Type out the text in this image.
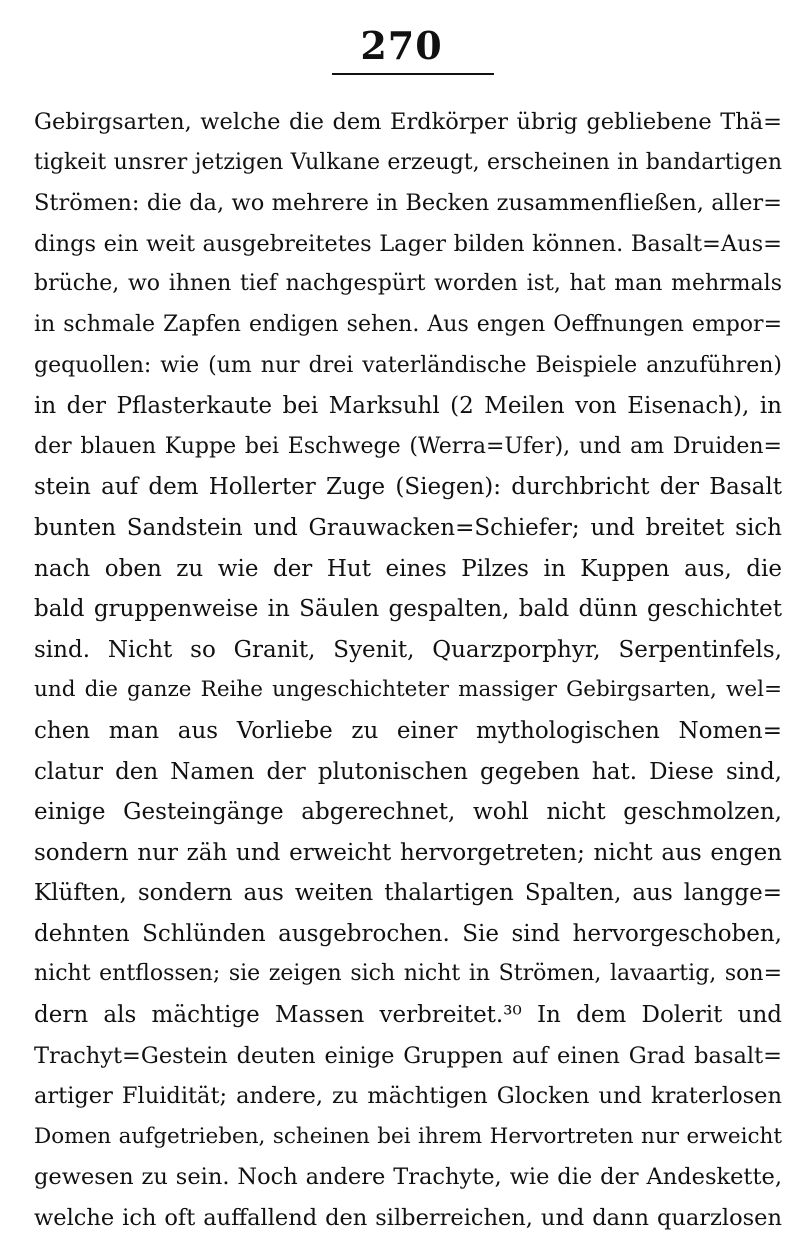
270
Gebirgsarten, welche die dem Erdkörper übrig gebliebene Thä=
tigkeit unsrer jetzigen Vulkane erzeugt, erscheinen in bandartigen
Strömen: die da, wo mehrere in Becken zusammenfließen, aller=
dings ein weit ausgebreitetes Lager bilden können. Basalt=Aus=
brüche, wo ihnen tief nachgespürt worden ist, hat man mehrmals
in schmale Zapfen endigen sehen. Aus engen Oeffnungen empor=
gequollen: wie (um nur drei vaterländische Beispiele anzuführen)
in der Pflasterkaute bei Marksuhl (2 Meilen von Eisenach), in
der blauen Kuppe bei Eschwege (Werra=Ufer), und am Druiden=
stein auf dem Hollerter Zuge (Siegen): durchbricht der Basalt
bunten Sandstein und Grauwacken=Schiefer; und breitet sich
nach oben zu wie der Hut eines Pilzes in Kuppen aus, die
bald gruppenweise in Säulen gespalten, bald dünn geschichtet
sind. Nicht so Granit, Syenit, Quarzporphyr, Serpentinfels,
und die ganze Reihe ungeschichteter massiger Gebirgsarten, wel=
chen man aus Vorliebe zu einer mythologischen Nomen=
clatur den Namen der plutonischen gegeben hat. Diese sind,
einige Gesteingänge abgerechnet, wohl nicht geschmolzen,
sondern nur zäh und erweicht hervorgetreten; nicht aus engen
Klüften, sondern aus weiten thalartigen Spalten, aus langge=
dehnten Schlünden ausgebrochen. Sie sind hervorgeschoben,
nicht entflossen; sie zeigen sich nicht in Strömen, lavaartig, son=
dern als mächtige Massen verbreitet.³⁰ In dem Dolerit und
Trachyt=Gestein deuten einige Gruppen auf einen Grad basalt=
artiger Fluidität; andere, zu mächtigen Glocken und kraterlosen
Domen aufgetrieben, scheinen bei ihrem Hervortreten nur erweicht
gewesen zu sein. Noch andere Trachyte, wie die der Andeskette,
welche ich oft auffallend den silberreichen, und dann quarzlosen
